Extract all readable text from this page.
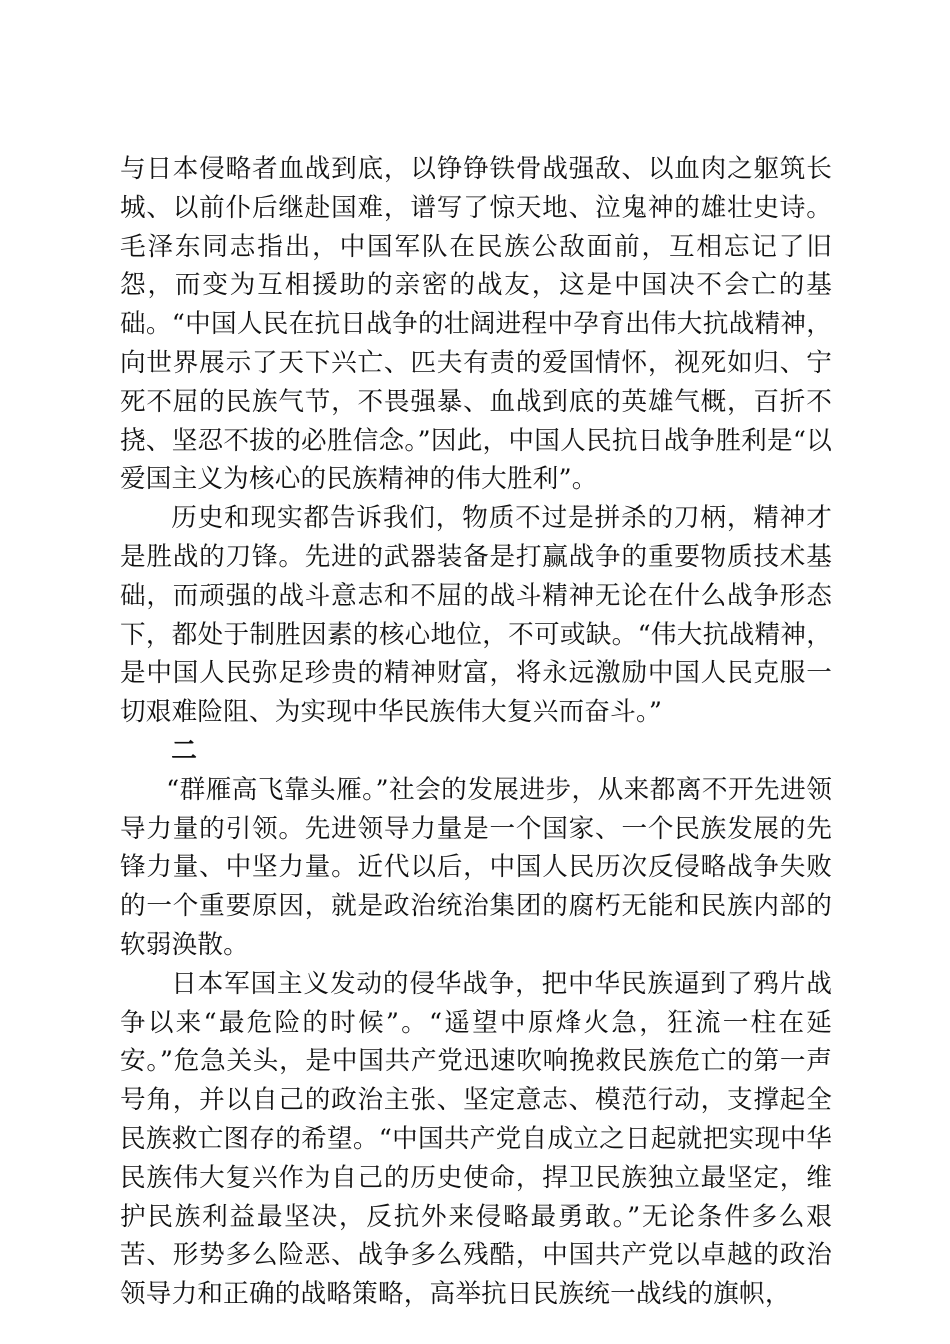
与日本侵略者血战到底，以铮铮铁骨战强敌、以血肉之躯筑长城、以前仆后继赴国难，谱写了惊天地、泣鬼神的雄壮史诗。毛泽东同志指出，中国军队在民族公敌面前，互相忘记了旧怨，而变为互相援助的亲密的战友，这是中国决不会亡的基础。“中国人民在抗日战争的壮阔进程中孕育出伟大抗战精神，向世界展示了天下兴亡、匹夫有责的爱国情怀，视死如归、宁死不屈的民族气节，不畏强暴、血战到底的英雄气概，百折不挠、坚忍不拔的必胜信念。”因此，中国人民抗日战争胜利是“以爱国主义为核心的民族精神的伟大胜利”。

历史和现实都告诉我们，物质不过是拼杀的刀柄，精神才是胜战的刀锋。先进的武器装备是打赢战争的重要物质技术基础，而顽强的战斗意志和不屈的战斗精神无论在什么战争形态下，都处于制胜因素的核心地位，不可或缺。“伟大抗战精神，是中国人民弥足珍贵的精神财富，将永远激励中国人民克服一切艰难险阻、为实现中华民族伟大复兴而奋斗。”

二

“群雁高飞靠头雁。”社会的发展进步，从来都离不开先进领导力量的引领。先进领导力量是一个国家、一个民族发展的先锋力量、中坚力量。近代以后，中国人民历次反侵略战争失败的一个重要原因，就是政治统治集团的腐朽无能和民族内部的软弱涣散。

日本军国主义发动的侵华战争，把中华民族逼到了鸦片战争以来“最危险的时候”。“遥望中原烽火急，狂流一柱在延安。”危急关头，是中国共产党迅速吹响挽救民族危亡的第一声号角，并以自己的政治主张、坚定意志、模范行动，支撑起全民族救亡图存的希望。“中国共产党自成立之日起就把实现中华民族伟大复兴作为自己的历史使命，捍卫民族独立最坚定，维护民族利益最坚决，反抗外来侵略最勇敢。”无论条件多么艰苦、形势多么险恶、战争多么残酷，中国共产党以卓越的政治领导力和正确的战略策略，高举抗日民族统一战线的旗帜，
